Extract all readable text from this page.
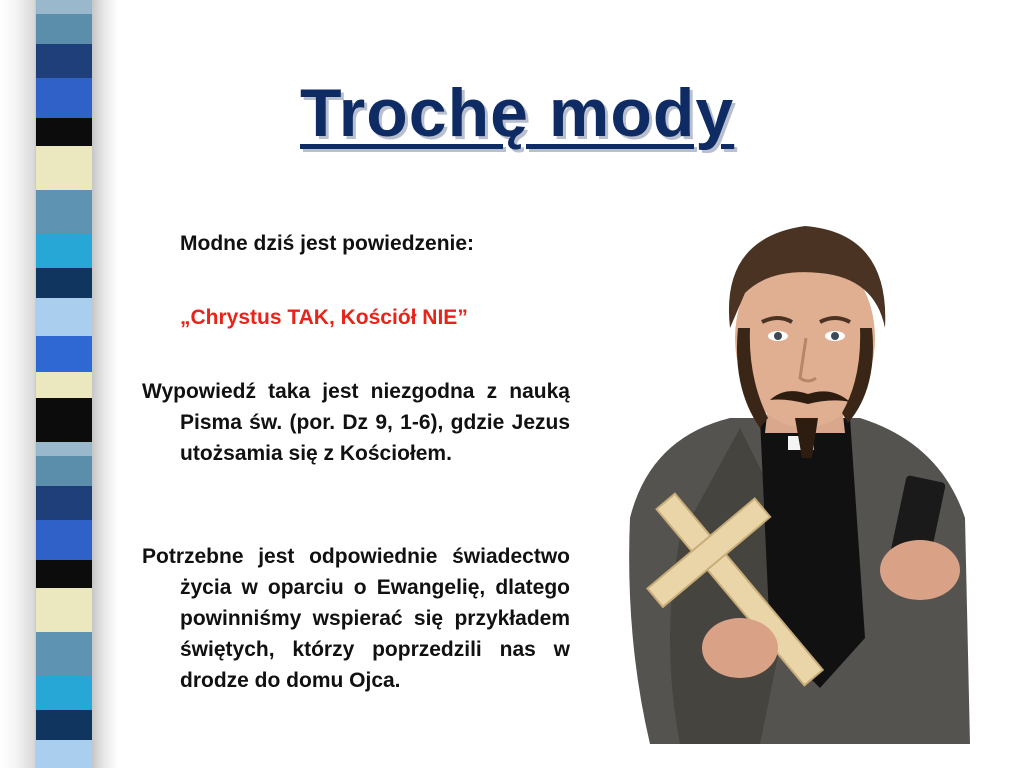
Trochę mody
Modne dziś jest powiedzenie:
„Chrystus TAK, Kościół NIE”
Wypowiedź taka jest niezgodna z nauką Pisma św. (por. Dz 9, 1-6), gdzie Jezus utożsamia się z Kościołem.
Potrzebne jest odpowiednie świadectwo życia w oparciu o Ewangelię, dlatego powinniśmy wspierać się przykładem świętych, którzy poprzedzili nas w drodze do domu Ojca.
